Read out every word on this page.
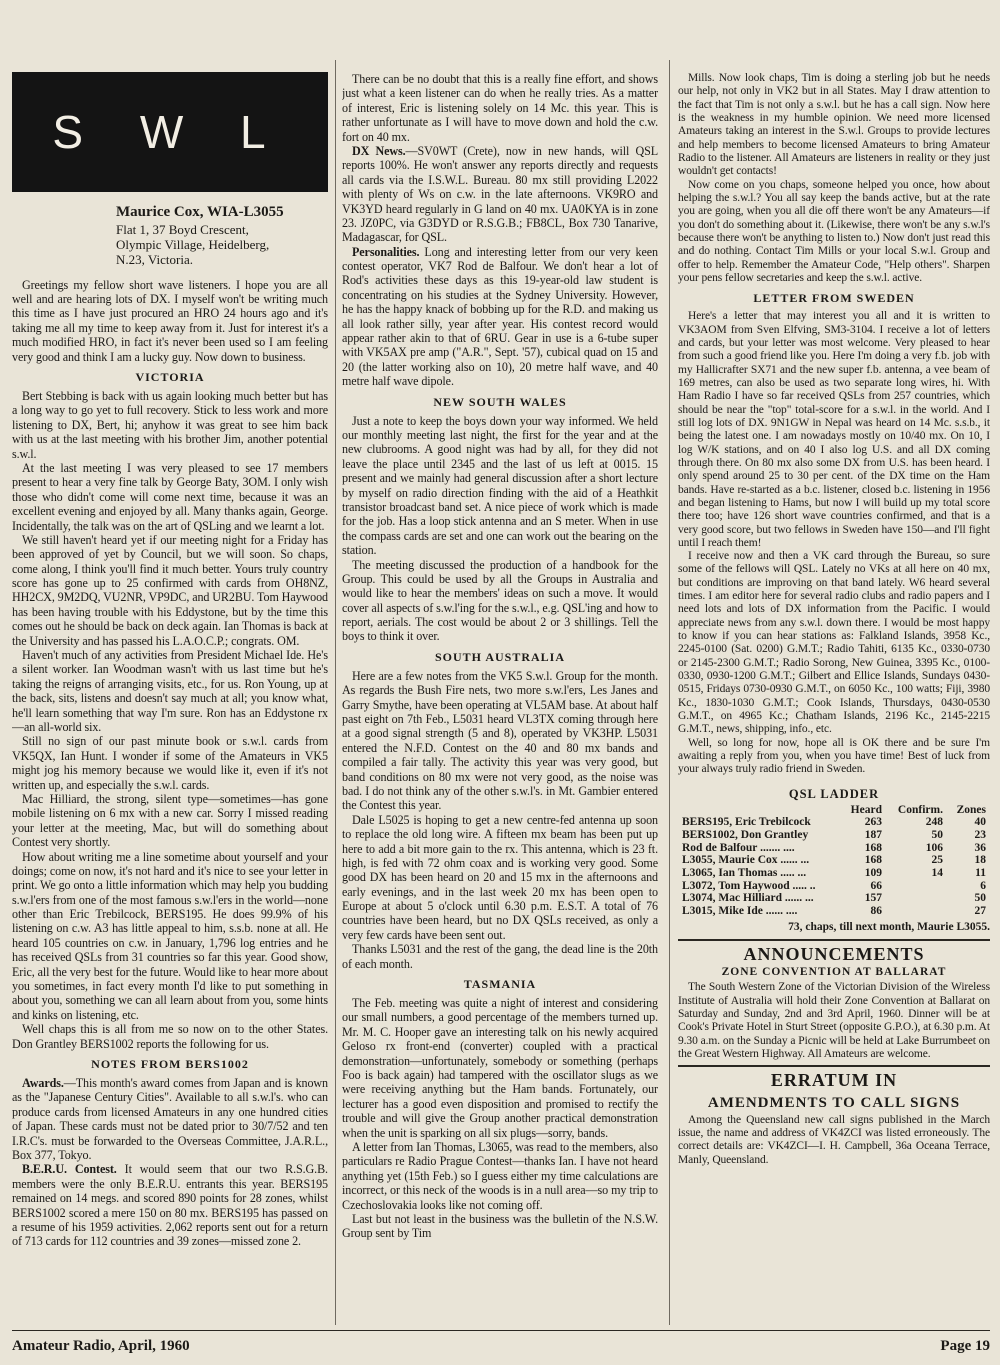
S W L
Maurice Cox, WIA-L3055
Flat 1, 37 Boyd Crescent,
Olympic Village, Heidelberg,
N.23, Victoria.

Greetings my fellow short wave listeners. I hope you are all well and are hearing lots of DX. I myself won't be writing much this time as I have just procured an HRO 24 hours ago and it's taking me all my time to keep away from it. Just for interest it's a much modified HRO, in fact it's never been used so I am feeling very good and think I am a lucky guy. Now down to business.

VICTORIA

Bert Stebbing is back with us again looking much better but has a long way to go yet to full recovery. Stick to less work and more listening to DX, Bert, hi; anyhow it was great to see him back with us at the last meeting with his brother Jim, another potential s.w.l.

At the last meeting I was very pleased to see 17 members present to hear a very fine talk by George Baty, 3OM. I only wish those who didn't come will come next time, because it was an excellent evening and enjoyed by all. Many thanks again, George. Incidentally, the talk was on the art of QSLing and we learnt a lot.

We still haven't heard yet if our meeting night for a Friday has been approved of yet by Council, but we will soon. So chaps, come along, I think you'll find it much better. Yours truly country score has gone up to 25 confirmed with cards from OH8NZ, HH2CX, 9M2DQ, VU2NR, VP9DC, and UR2BU. Tom Haywood has been having trouble with his Eddystone, but by the time this comes out he should be back on deck again. Ian Thomas is back at the University and has passed his L.A.O.C.P.; congrats. OM.

Haven't much of any activities from President Michael Ide. He's a silent worker. Ian Woodman wasn't with us last time but he's taking the reigns of arranging visits, etc., for us. Ron Young, up at the back, sits, listens and doesn't say much at all; you know what, he'll learn something that way I'm sure. Ron has an Eddystone rx—an all-world six.

Still no sign of our past minute book or s.w.l. cards from VK5QX, Ian Hunt. I wonder if some of the Amateurs in VK5 might jog his memory because we would like it, even if it's not written up, and especially the s.w.l. cards.

Mac Hilliard, the strong, silent type—sometimes—has gone mobile listening on 6 mx with a new car. Sorry I missed reading your letter at the meeting, Mac, but will do something about Contest very shortly.

How about writing me a line sometime about yourself and your doings; come on now, it's not hard and it's nice to see your letter in print. We go onto a little information which may help you budding s.w.l'ers from one of the most famous s.w.l'ers in the world—none other than Eric Trebilcock, BERS195. He does 99.9% of his listening on c.w. A3 has little appeal to him, s.s.b. none at all. He heard 105 countries on c.w. in January, 1,796 log entries and he has received QSLs from 31 countries so far this year. Good show, Eric, all the very best for the future. Would like to hear more about you sometimes, in fact every month I'd like to put something in about you, something we can all learn about from you, some hints and kinks on listening, etc.

Well chaps this is all from me so now on to the other States. Don Grantley BERS1002 reports the following for us.

NOTES FROM BERS1002

Awards.—This month's award comes from Japan and is known as the "Japanese Century Cities". Available to all s.w.l's. who can produce cards from licensed Amateurs in any one hundred cities of Japan. These cards must not be dated prior to 30/7/52 and ten I.R.C's. must be forwarded to the Overseas Committee, J.A.R.L., Box 377, Tokyo.

B.E.R.U. Contest. It would seem that our two R.S.G.B. members were the only B.E.R.U. entrants this year. BERS195 remained on 14 megs. and scored 890 points for 28 zones, whilst BERS1002 scored a mere 150 on 80 mx. BERS195 has passed on a resume of his 1959 activities. 2,062 reports sent out for a return of 713 cards for 112 countries and 39 zones—missed zone 2.

There can be no doubt that this is a really fine effort, and shows just what a keen listener can do when he really tries. As a matter of interest, Eric is listening solely on 14 Mc. this year. This is rather unfortunate as I will have to move down and hold the c.w. fort on 40 mx.

DX News.—SV0WT (Crete), now in new hands, will QSL reports 100%. He won't answer any reports directly and requests all cards via the I.S.W.L. Bureau. 80 mx still providing L2022 with plenty of Ws on c.w. in the late afternoons. VK9RO and VK3YD heard regularly in G land on 40 mx. UA0KYA is in zone 23. JZ0PC, via G3DYD or R.S.G.B.; FB8CL, Box 730 Tanarive, Madagascar, for QSL.

Personalities. Long and interesting letter from our very keen contest operator, VK7 Rod de Balfour. We don't hear a lot of Rod's activities these days as this 19-year-old law student is concentrating on his studies at the Sydney University. However, he has the happy knack of bobbing up for the R.D. and making us all look rather silly, year after year. His contest record would appear rather akin to that of 6RU. Gear in use is a 6-tube super with VK5AX pre amp ("A.R.", Sept. '57), cubical quad on 15 and 20 (the latter working also on 10), 20 metre half wave, and 40 metre half wave dipole.

NEW SOUTH WALES

Just a note to keep the boys down your way informed. We held our monthly meeting last night, the first for the year and at the new clubrooms. A good night was had by all, for they did not leave the place until 2345 and the last of us left at 0015. 15 present and we mainly had general discussion after a short lecture by myself on radio direction finding with the aid of a Heathkit transistor broadcast band set. A nice piece of work which is made for the job. Has a loop stick antenna and an S meter. When in use the compass cards are set and one can work out the bearing on the station.

The meeting discussed the production of a handbook for the Group. This could be used by all the Groups in Australia and would like to hear the members' ideas on such a move. It would cover all aspects of s.w.l'ing for the s.w.l., e.g. QSL'ing and how to report, aerials. The cost would be about 2 or 3 shillings. Tell the boys to think it over.

SOUTH AUSTRALIA

Here are a few notes from the VK5 S.w.l. Group for the month. As regards the Bush Fire nets, two more s.w.l'ers, Les Janes and Garry Smythe, have been operating at VL5AM base. At about half past eight on 7th Feb., L5031 heard VL3TX coming through here at a good signal strength (5 and 8), operated by VK3HP. L5031 entered the N.F.D. Contest on the 40 and 80 mx bands and compiled a fair tally. The activity this year was very good, but band conditions on 80 mx were not very good, as the noise was bad. I do not think any of the other s.w.l's. in Mt. Gambier entered the Contest this year.

Dale L5025 is hoping to get a new centre-fed antenna up soon to replace the old long wire. A fifteen mx beam has been put up here to add a bit more gain to the rx. This antenna, which is 23 ft. high, is fed with 72 ohm coax and is working very good. Some good DX has been heard on 20 and 15 mx in the afternoons and early evenings, and in the last week 20 mx has been open to Europe at about 5 o'clock until 6.30 p.m. E.S.T. A total of 76 countries have been heard, but no DX QSLs received, as only a very few cards have been sent out.

Thanks L5031 and the rest of the gang, the dead line is the 20th of each month.

TASMANIA

The Feb. meeting was quite a night of interest and considering our small numbers, a good percentage of the members turned up. Mr. M. C. Hooper gave an interesting talk on his newly acquired Geloso rx front-end (converter) coupled with a practical demonstration—unfortunately, somebody or something (perhaps Foo is back again) had tampered with the oscillator slugs as we were receiving anything but the Ham bands. Fortunately, our lecturer has a good even disposition and promised to rectify the trouble and will give the Group another practical demonstration when the unit is sparking on all six plugs—sorry, bands.

A letter from Ian Thomas, L3065, was read to the members, also particulars re Radio Prague Contest—thanks Ian. I have not heard anything yet (15th Feb.) so I guess either my time calculations are incorrect, or this neck of the woods is in a null area—so my trip to Czechoslovakia looks like not coming off.

Last but not least in the business was the bulletin of the N.S.W. Group sent by Tim

Mills. Now look chaps, Tim is doing a sterling job but he needs our help, not only in VK2 but in all States. May I draw attention to the fact that Tim is not only a s.w.l. but he has a call sign. Now here is the weakness in my humble opinion. We need more licensed Amateurs taking an interest in the S.w.l. Groups to provide lectures and help members to become licensed Amateurs to bring Amateur Radio to the listener. All Amateurs are listeners in reality or they just wouldn't get contacts!

Now come on you chaps, someone helped you once, how about helping the s.w.l.? You all say keep the bands active, but at the rate you are going, when you all die off there won't be any Amateurs—if you don't do something about it. (Likewise, there won't be any s.w.l's because there won't be anything to listen to.) Now don't just read this and do nothing. Contact Tim Mills or your local S.w.l. Group and offer to help. Remember the Amateur Code, "Help others". Sharpen your pens fellow secretaries and keep the s.w.l. active.

LETTER FROM SWEDEN

Here's a letter that may interest you all and it is written to VK3AOM from Sven Elfving, SM3-3104. I receive a lot of letters and cards, but your letter was most welcome. Very pleased to hear from such a good friend like you. Here I'm doing a very f.b. job with my Hallicrafter SX71 and the new super f.b. antenna, a vee beam of 169 metres, can also be used as two separate long wires, hi. With Ham Radio I have so far received QSLs from 257 countries, which should be near the "top" total-score for a s.w.l. in the world. And I still log lots of DX. 9N1GW in Nepal was heard on 14 Mc. s.s.b., it being the latest one. I am nowadays mostly on 10/40 mx. On 10, I log W/K stations, and on 40 I also log U.S. and all DX coming through there. On 80 mx also some DX from U.S. has been heard. I only spend around 25 to 30 per cent. of the DX time on the Ham bands. Have re-started as a b.c. listener, closed b.c. listening in 1956 and began listening to Hams, but now I will build up my total score there too; have 126 short wave countries confirmed, and that is a very good score, but two fellows in Sweden have 150—and I'll fight until I reach them!

I receive now and then a VK card through the Bureau, so sure some of the fellows will QSL. Lately no VKs at all here on 40 mx, but conditions are improving on that band lately. W6 heard several times. I am editor here for several radio clubs and radio papers and I need lots and lots of DX information from the Pacific. I would appreciate news from any s.w.l. down there. I would be most happy to know if you can hear stations as: Falkland Islands, 3958 Kc., 2245-0100 (Sat. 0200) G.M.T.; Radio Tahiti, 6135 Kc., 0330-0730 or 2145-2300 G.M.T.; Radio Sorong, New Guinea, 3395 Kc., 0100-0330, 0930-1200 G.M.T.; Gilbert and Ellice Islands, Sundays 0430-0515, Fridays 0730-0930 G.M.T., on 6050 Kc., 100 watts; Fiji, 3980 Kc., 1830-1030 G.M.T.; Cook Islands, Thursdays, 0430-0530 G.M.T., on 4965 Kc.; Chatham Islands, 2196 Kc., 2145-2215 G.M.T., news, shipping, info., etc.

Well, so long for now, hope all is OK there and be sure I'm awaiting a reply from you, when you have time! Best of luck from your always truly radio friend in Sweden.

QSL LADDER
	Heard	Confirm.	Zones
BERS195, Eric Trebilcock	263	248	40
BERS1002, Don Grantley	187	50	23
Rod de Balfour ....... ....	168	106	36
L3055, Maurie Cox ...... ...	168	25	18
L3065, Ian Thomas ..... ...	109	14	11
L3072, Tom Haywood ..... ..	66		6
L3074, Mac Hilliard ...... ...	157		50
L3015, Mike Ide ...... ....	86		27
73, chaps, till next month, Maurie L3055.
ANNOUNCEMENTS
ZONE CONVENTION AT BALLARAT

The South Western Zone of the Victorian Division of the Wireless Institute of Australia will hold their Zone Convention at Ballarat on Saturday and Sunday, 2nd and 3rd April, 1960. Dinner will be at Cook's Private Hotel in Sturt Street (opposite G.P.O.), at 6.30 p.m. At 9.30 a.m. on the Sunday a Picnic will be held at Lake Burrumbeet on the Great Western Highway. All Amateurs are welcome.

ERRATUM IN
AMENDMENTS TO CALL SIGNS

Among the Queensland new call signs published in the March issue, the name and address of VK4ZCI was listed erroneously. The correct details are: VK4ZCI—I. H. Campbell, 36a Oceana Terrace, Manly, Queensland.

Amateur Radio, April, 1960	Page 19
